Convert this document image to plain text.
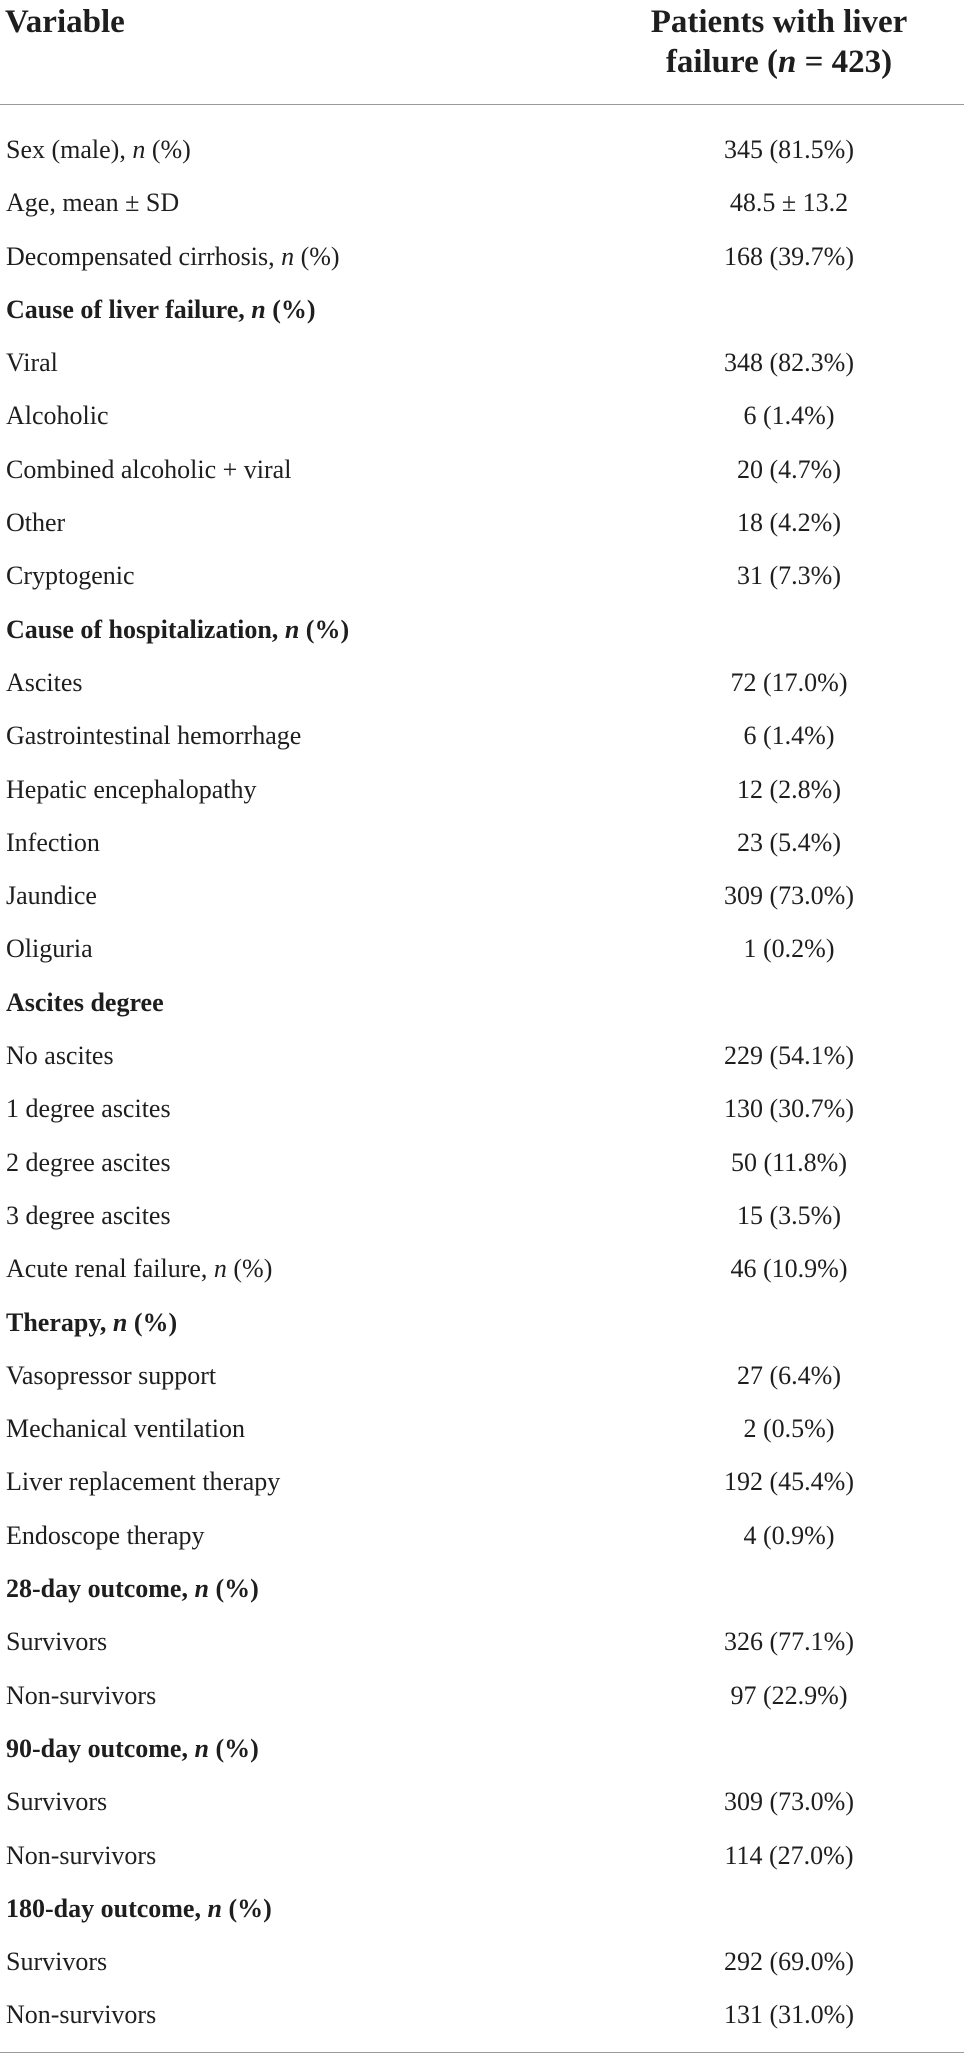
Variable	Patients with liver
failure (n = 423)
Sex (male), n (%)	345 (81.5%)
Age, mean ± SD	48.5 ± 13.2
Decompensated cirrhosis, n (%)	168 (39.7%)
Cause of liver failure, n (%)
Viral	348 (82.3%)
Alcoholic	6 (1.4%)
Combined alcoholic + viral	20 (4.7%)
Other	18 (4.2%)
Cryptogenic	31 (7.3%)
Cause of hospitalization, n (%)
Ascites	72 (17.0%)
Gastrointestinal hemorrhage	6 (1.4%)
Hepatic encephalopathy	12 (2.8%)
Infection	23 (5.4%)
Jaundice	309 (73.0%)
Oliguria	1 (0.2%)
Ascites degree
No ascites	229 (54.1%)
1 degree ascites	130 (30.7%)
2 degree ascites	50 (11.8%)
3 degree ascites	15 (3.5%)
Acute renal failure, n (%)	46 (10.9%)
Therapy, n (%)
Vasopressor support	27 (6.4%)
Mechanical ventilation	2 (0.5%)
Liver replacement therapy	192 (45.4%)
Endoscope therapy	4 (0.9%)
28-day outcome, n (%)
Survivors	326 (77.1%)
Non-survivors	97 (22.9%)
90-day outcome, n (%)
Survivors	309 (73.0%)
Non-survivors	114 (27.0%)
180-day outcome, n (%)
Survivors	292 (69.0%)
Non-survivors	131 (31.0%)
